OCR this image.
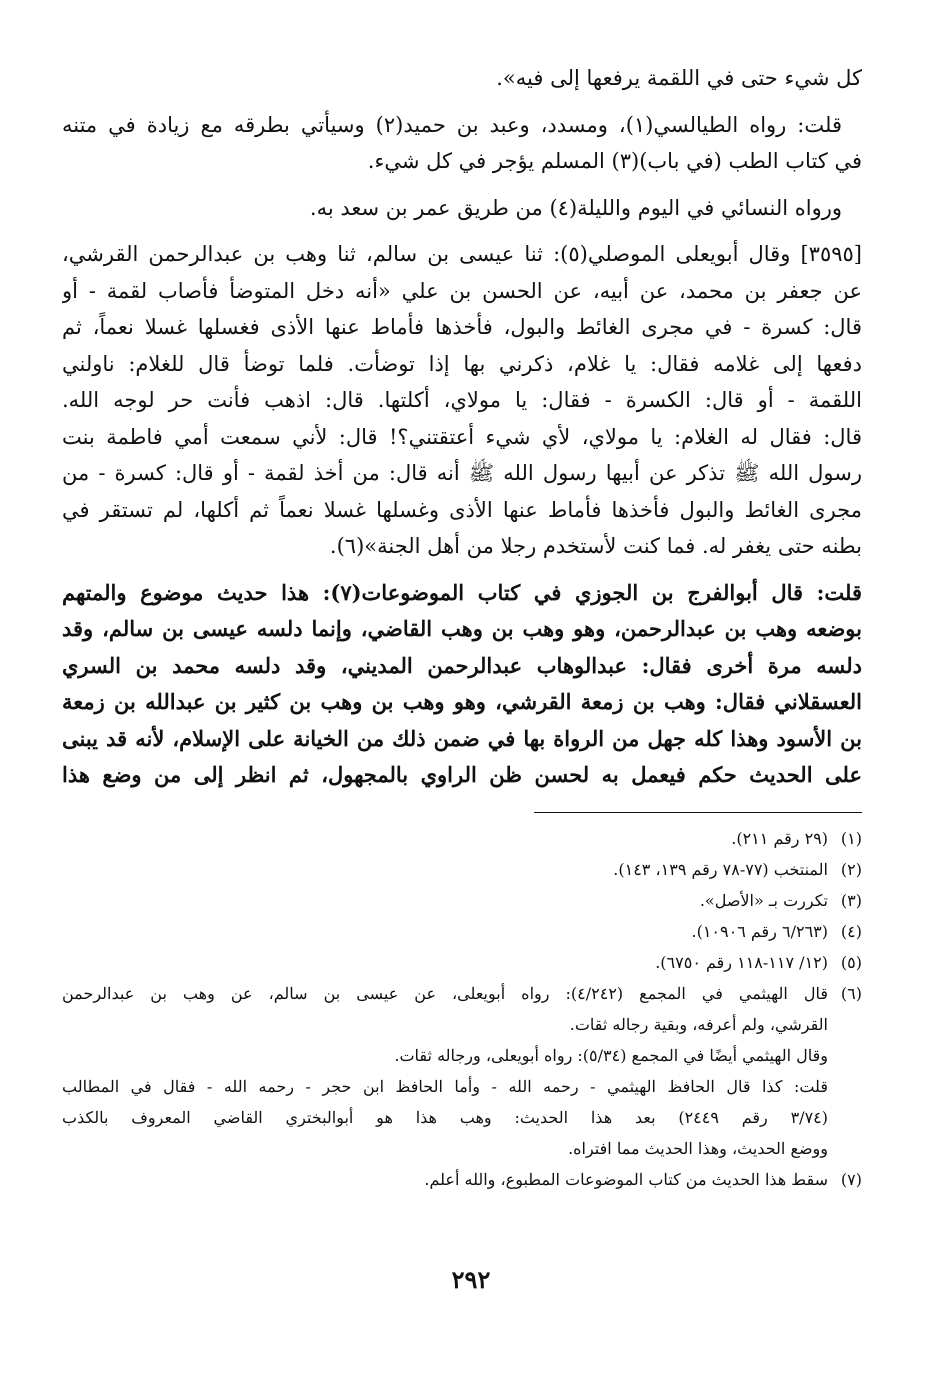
كل شيء حتى في اللقمة يرفعها إلى فيه».

قلت: رواه الطيالسي(١)، ومسدد، وعبد بن حميد(٢) وسيأتي بطرقه مع زيادة في متنه
في كتاب الطب (في باب)(٣) المسلم يؤجر في كل شيء.

ورواه النسائي في اليوم والليلة(٤) من طريق عمر بن سعد به.

[٣٥٩٥] وقال أبويعلى الموصلي(٥): ثنا عيسى بن سالم، ثنا وهب بن عبدالرحمن القرشي،
عن جعفر بن محمد، عن أبيه، عن الحسن بن علي «أنه دخل المتوضأ فأصاب لقمة - أو
قال: كسرة - في مجرى الغائط والبول، فأخذها فأماط عنها الأذى فغسلها غسلا نعماً، ثم
دفعها إلى غلامه فقال: يا غلام، ذكرني بها إذا توضأت. فلما توضأ قال للغلام: ناولني
اللقمة - أو قال: الكسرة - فقال: يا مولاي، أكلتها. قال: اذهب فأنت حر لوجه الله.
قال: فقال له الغلام: يا مولاي، لأي شيء أعتقتني؟! قال: لأني سمعت أمي فاطمة بنت
رسول الله ﷺ تذكر عن أبيها رسول الله ﷺ أنه قال: من أخذ لقمة - أو قال: كسرة - من
مجرى الغائط والبول فأخذها فأماط عنها الأذى وغسلها غسلا نعماً ثم أكلها، لم تستقر في
بطنه حتى يغفر له. فما كنت لأستخدم رجلا من أهل الجنة»(٦).

قلت: قال أبوالفرج بن الجوزي في كتاب الموضوعات(٧): هذا حديث موضوع والمتهم
بوضعه وهب بن عبدالرحمن، وهو وهب بن وهب القاضي، وإنما دلسه عيسى بن سالم، وقد
دلسه مرة أخرى فقال: عبدالوهاب عبدالرحمن المديني، وقد دلسه محمد بن السري
العسقلاني فقال: وهب بن زمعة القرشي، وهو وهب بن وهب بن كثير بن عبدالله بن زمعة
بن الأسود وهذا كله جهل من الرواة بها في ضمن ذلك من الخيانة على الإسلام، لأنه قد يبنى
على الحديث حكم فيعمل به لحسن ظن الراوي بالمجهول، ثم انظر إلى من وضع هذا

(١)
(٢٩ رقم ٢١١).
(٢)
المنتخب (٧٧-٧٨ رقم ١٣٩، ١٤٣).
(٣)
تكررت بـ «الأصل».
(٤)
(٦/٢٦٣ رقم ١٠٩٠٦).
(٥)
(١٢/ ١١٧-١١٨ رقم ٦٧٥٠).
(٦)
قال الهيثمي في المجمع (٤/٢٤٢): رواه أبويعلى، عن عيسى بن سالم، عن وهب بن عبدالرحمن
القرشي، ولم أعرفه، وبقية رجاله ثقات.
وقال الهيثمي أيضًا في المجمع (٥/٣٤): رواه أبويعلى، ورجاله ثقات.
قلت: كذا قال الحافظ الهيثمي - رحمه الله - وأما الحافظ ابن حجر - رحمه الله - فقال في المطالب
(٣/٧٤ رقم ٢٤٤٩) بعد هذا الحديث: وهب هذا هو أبوالبختري القاضي المعروف بالكذب
ووضع الحديث، وهذا الحديث مما افتراه.
(٧)
سقط هذا الحديث من كتاب الموضوعات المطبوع، والله أعلم.
٢٩٢
